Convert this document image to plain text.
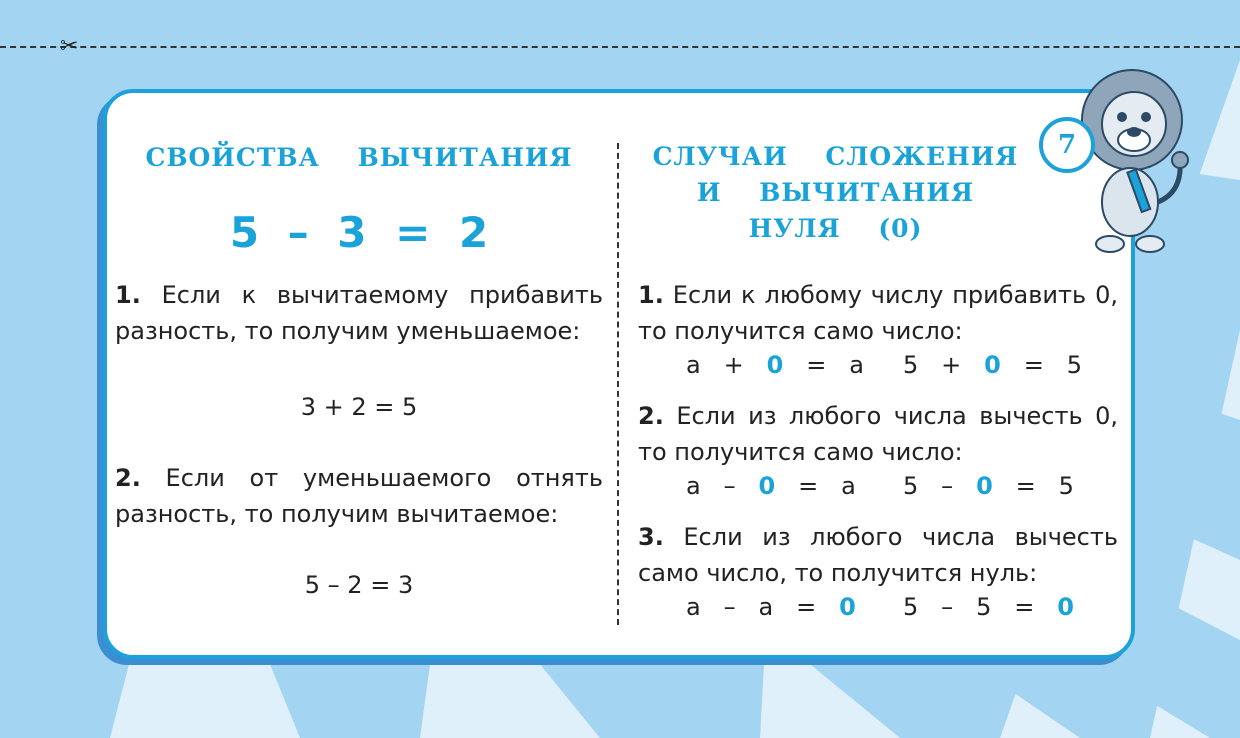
✂
СВОЙСТВА ВЫЧИТАНИЯ
5 – 3 = 2
1. Если к вычитаемому прибавить разность, то получим уменьшаемое:
3 + 2 = 5
2. Если от уменьшаемого отнять разность, то получим вычитаемое:
5 – 2 = 3
СЛУЧАИ СЛОЖЕНИЯ
И ВЫЧИТАНИЯ
НУЛЯ (0)
1. Если к любому числу прибавить 0, то получится само число:
а + 0 = а 5 + 0 = 5
2. Если из любого числа вычесть 0, то получится само число:
а – 0 = а 5 – 0 = 5
3. Если из любого числа вычесть само число, то получится нуль:
а – а = 0 5 – 5 = 0
7
